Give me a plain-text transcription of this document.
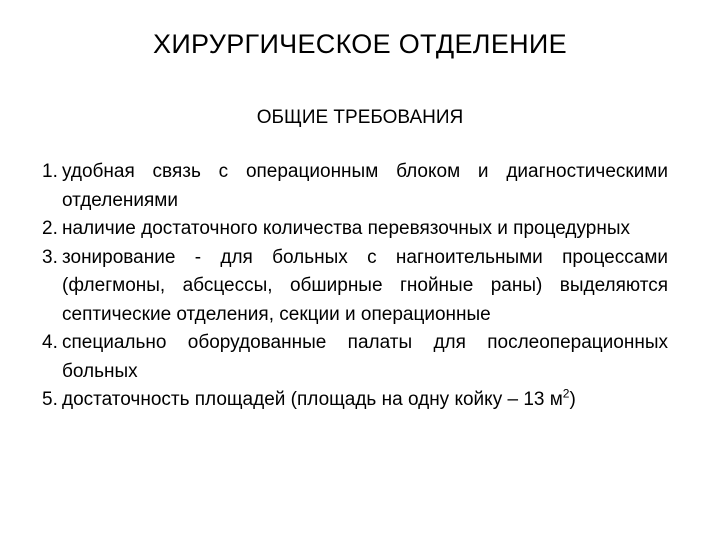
ХИРУРГИЧЕСКОЕ ОТДЕЛЕНИЕ
ОБЩИЕ ТРЕБОВАНИЯ
1. удобная связь с операционным блоком и диагностическими отделениями
2. наличие достаточного количества перевязочных и процедурных
3. зонирование - для больных с нагноительными процессами (флегмоны, абсцессы, обширные гнойные раны) выделяются септические отделения, секции и операционные
4. специально оборудованные палаты для послеоперационных больных
5. достаточность площадей (площадь на одну койку – 13 $м^2$)
